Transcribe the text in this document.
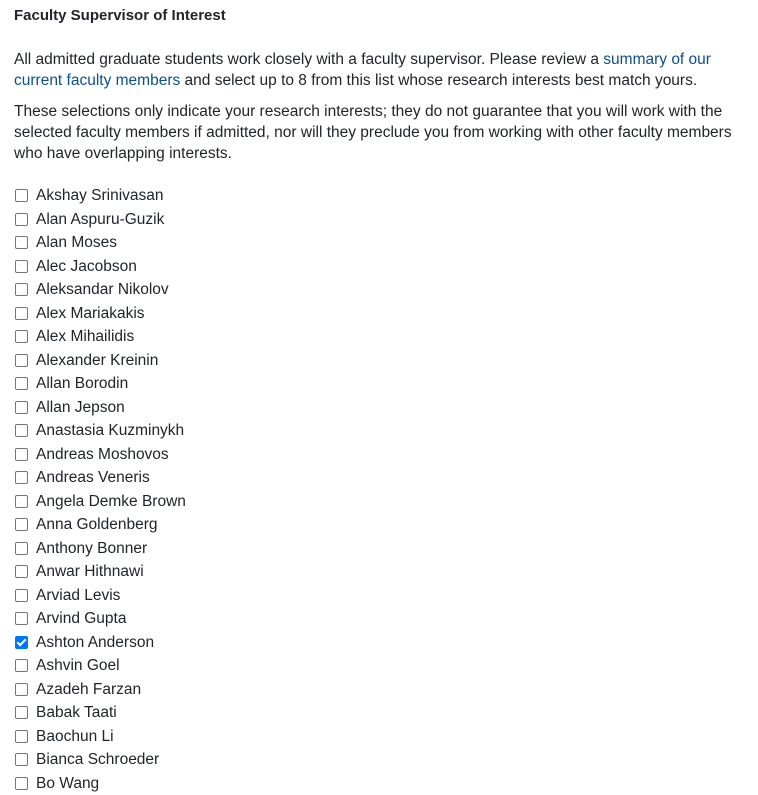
Faculty Supervisor of Interest

All admitted graduate students work closely with a faculty supervisor. Please review a summary of our current faculty members and select up to 8 from this list whose research interests best match yours.

These selections only indicate your research interests; they do not guarantee that you will work with the selected faculty members if admitted, nor will they preclude you from working with other faculty members who have overlapping interests.

Akshay Srinivasan
Alan Aspuru-Guzik
Alan Moses
Alec Jacobson
Aleksandar Nikolov
Alex Mariakakis
Alex Mihailidis
Alexander Kreinin
Allan Borodin
Allan Jepson
Anastasia Kuzminykh
Andreas Moshovos
Andreas Veneris
Angela Demke Brown
Anna Goldenberg
Anthony Bonner
Anwar Hithnawi
Arviad Levis
Arvind Gupta
Ashton Anderson
Ashvin Goel
Azadeh Farzan
Babak Taati
Baochun Li
Bianca Schroeder
Bo Wang
